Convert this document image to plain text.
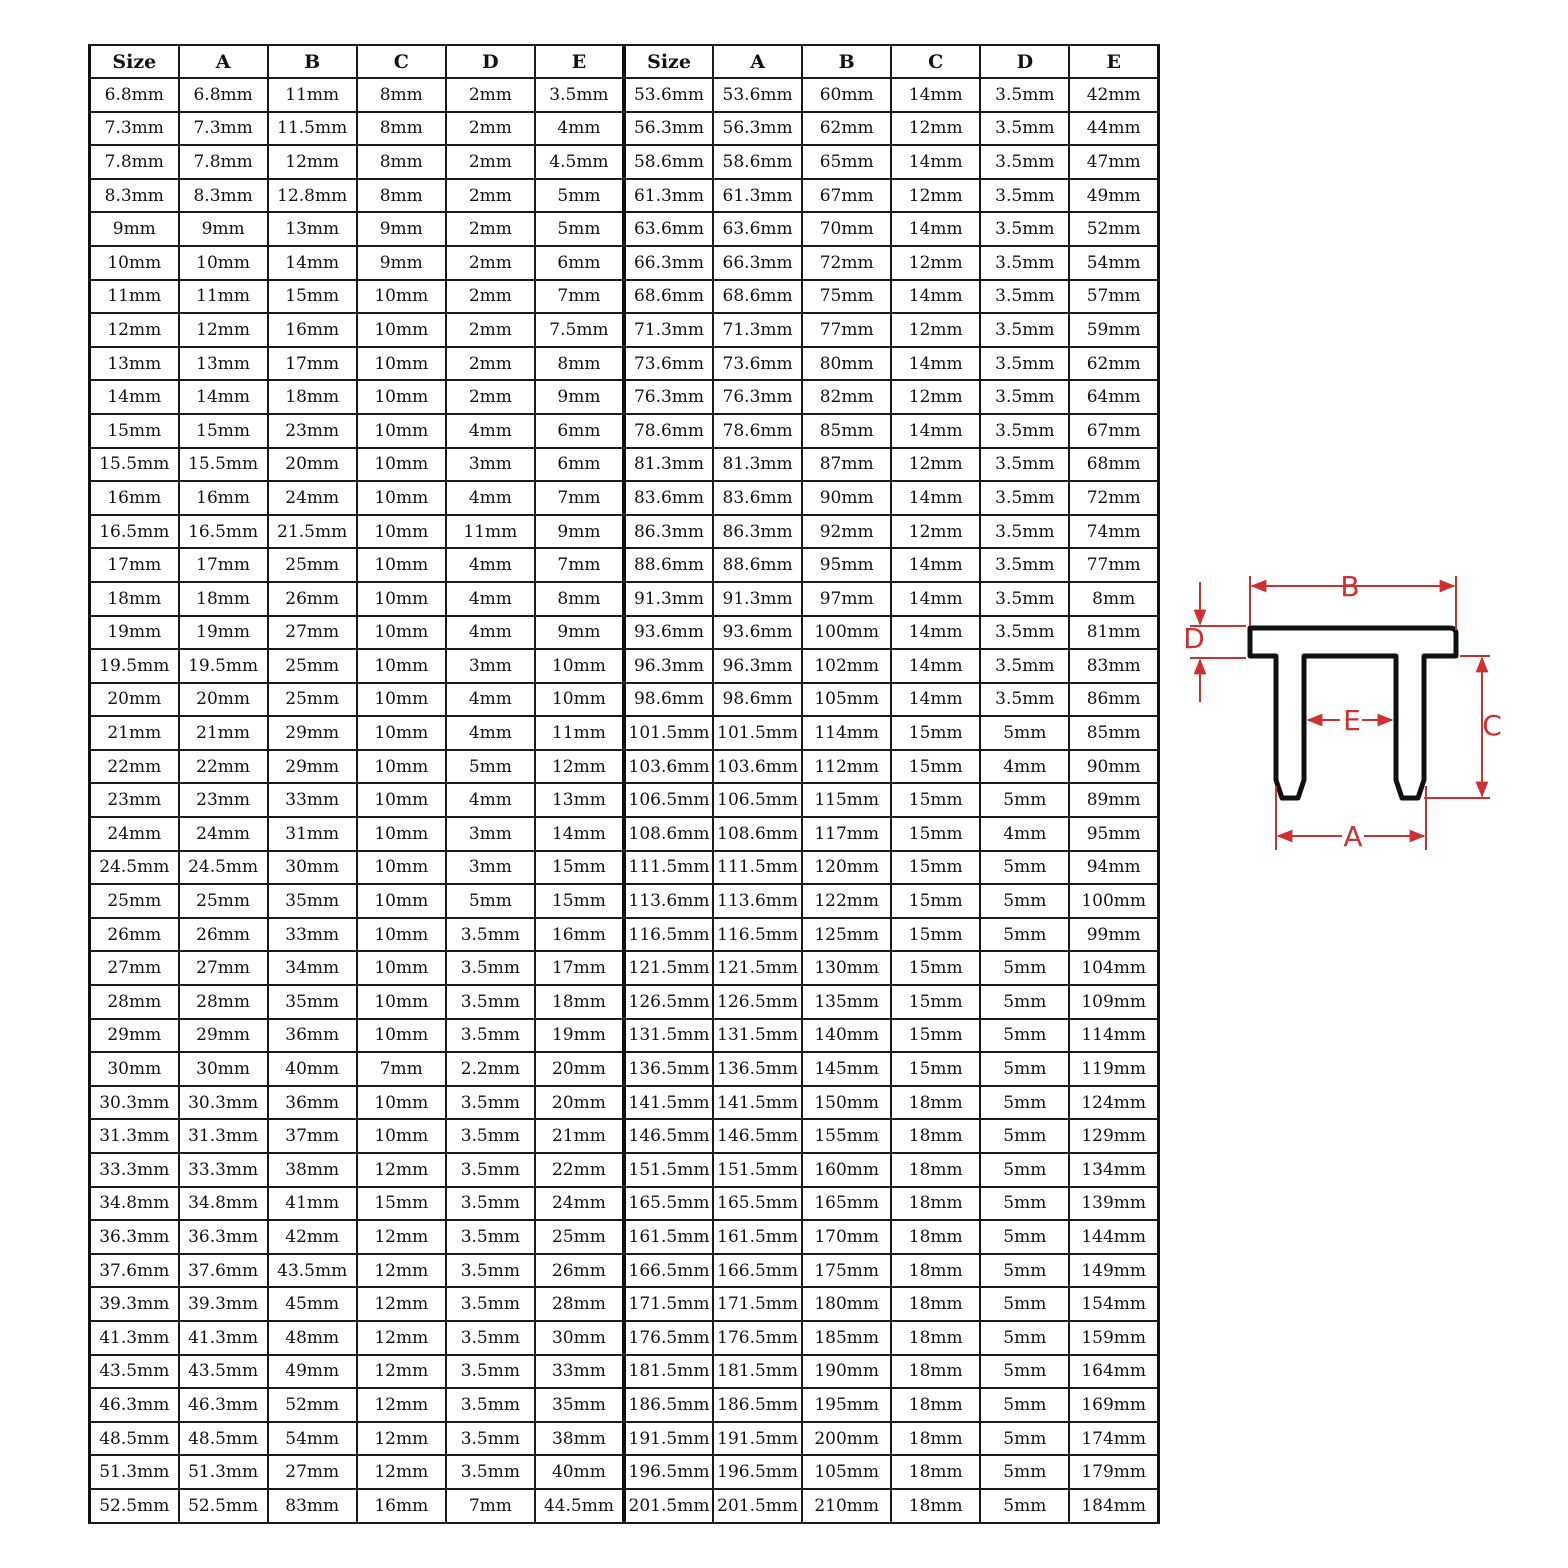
Size	A	B	C	D	E	Size	A	B	C	D	E
6.8mm	6.8mm	11mm	8mm	2mm	3.5mm	53.6mm	53.6mm	60mm	14mm	3.5mm	42mm
7.3mm	7.3mm	11.5mm	8mm	2mm	4mm	56.3mm	56.3mm	62mm	12mm	3.5mm	44mm
7.8mm	7.8mm	12mm	8mm	2mm	4.5mm	58.6mm	58.6mm	65mm	14mm	3.5mm	47mm
8.3mm	8.3mm	12.8mm	8mm	2mm	5mm	61.3mm	61.3mm	67mm	12mm	3.5mm	49mm
9mm	9mm	13mm	9mm	2mm	5mm	63.6mm	63.6mm	70mm	14mm	3.5mm	52mm
10mm	10mm	14mm	9mm	2mm	6mm	66.3mm	66.3mm	72mm	12mm	3.5mm	54mm
11mm	11mm	15mm	10mm	2mm	7mm	68.6mm	68.6mm	75mm	14mm	3.5mm	57mm
12mm	12mm	16mm	10mm	2mm	7.5mm	71.3mm	71.3mm	77mm	12mm	3.5mm	59mm
13mm	13mm	17mm	10mm	2mm	8mm	73.6mm	73.6mm	80mm	14mm	3.5mm	62mm
14mm	14mm	18mm	10mm	2mm	9mm	76.3mm	76.3mm	82mm	12mm	3.5mm	64mm
15mm	15mm	23mm	10mm	4mm	6mm	78.6mm	78.6mm	85mm	14mm	3.5mm	67mm
15.5mm	15.5mm	20mm	10mm	3mm	6mm	81.3mm	81.3mm	87mm	12mm	3.5mm	68mm
16mm	16mm	24mm	10mm	4mm	7mm	83.6mm	83.6mm	90mm	14mm	3.5mm	72mm
16.5mm	16.5mm	21.5mm	10mm	11mm	9mm	86.3mm	86.3mm	92mm	12mm	3.5mm	74mm
17mm	17mm	25mm	10mm	4mm	7mm	88.6mm	88.6mm	95mm	14mm	3.5mm	77mm
18mm	18mm	26mm	10mm	4mm	8mm	91.3mm	91.3mm	97mm	14mm	3.5mm	8mm
19mm	19mm	27mm	10mm	4mm	9mm	93.6mm	93.6mm	100mm	14mm	3.5mm	81mm
19.5mm	19.5mm	25mm	10mm	3mm	10mm	96.3mm	96.3mm	102mm	14mm	3.5mm	83mm
20mm	20mm	25mm	10mm	4mm	10mm	98.6mm	98.6mm	105mm	14mm	3.5mm	86mm
21mm	21mm	29mm	10mm	4mm	11mm	101.5mm	101.5mm	114mm	15mm	5mm	85mm
22mm	22mm	29mm	10mm	5mm	12mm	103.6mm	103.6mm	112mm	15mm	4mm	90mm
23mm	23mm	33mm	10mm	4mm	13mm	106.5mm	106.5mm	115mm	15mm	5mm	89mm
24mm	24mm	31mm	10mm	3mm	14mm	108.6mm	108.6mm	117mm	15mm	4mm	95mm
24.5mm	24.5mm	30mm	10mm	3mm	15mm	111.5mm	111.5mm	120mm	15mm	5mm	94mm
25mm	25mm	35mm	10mm	5mm	15mm	113.6mm	113.6mm	122mm	15mm	5mm	100mm
26mm	26mm	33mm	10mm	3.5mm	16mm	116.5mm	116.5mm	125mm	15mm	5mm	99mm
27mm	27mm	34mm	10mm	3.5mm	17mm	121.5mm	121.5mm	130mm	15mm	5mm	104mm
28mm	28mm	35mm	10mm	3.5mm	18mm	126.5mm	126.5mm	135mm	15mm	5mm	109mm
29mm	29mm	36mm	10mm	3.5mm	19mm	131.5mm	131.5mm	140mm	15mm	5mm	114mm
30mm	30mm	40mm	7mm	2.2mm	20mm	136.5mm	136.5mm	145mm	15mm	5mm	119mm
30.3mm	30.3mm	36mm	10mm	3.5mm	20mm	141.5mm	141.5mm	150mm	18mm	5mm	124mm
31.3mm	31.3mm	37mm	10mm	3.5mm	21mm	146.5mm	146.5mm	155mm	18mm	5mm	129mm
33.3mm	33.3mm	38mm	12mm	3.5mm	22mm	151.5mm	151.5mm	160mm	18mm	5mm	134mm
34.8mm	34.8mm	41mm	15mm	3.5mm	24mm	165.5mm	165.5mm	165mm	18mm	5mm	139mm
36.3mm	36.3mm	42mm	12mm	3.5mm	25mm	161.5mm	161.5mm	170mm	18mm	5mm	144mm
37.6mm	37.6mm	43.5mm	12mm	3.5mm	26mm	166.5mm	166.5mm	175mm	18mm	5mm	149mm
39.3mm	39.3mm	45mm	12mm	3.5mm	28mm	171.5mm	171.5mm	180mm	18mm	5mm	154mm
41.3mm	41.3mm	48mm	12mm	3.5mm	30mm	176.5mm	176.5mm	185mm	18mm	5mm	159mm
43.5mm	43.5mm	49mm	12mm	3.5mm	33mm	181.5mm	181.5mm	190mm	18mm	5mm	164mm
46.3mm	46.3mm	52mm	12mm	3.5mm	35mm	186.5mm	186.5mm	195mm	18mm	5mm	169mm
48.5mm	48.5mm	54mm	12mm	3.5mm	38mm	191.5mm	191.5mm	200mm	18mm	5mm	174mm
51.3mm	51.3mm	27mm	12mm	3.5mm	40mm	196.5mm	196.5mm	105mm	18mm	5mm	179mm
52.5mm	52.5mm	83mm	16mm	7mm	44.5mm	201.5mm	201.5mm	210mm	18mm	5mm	184mm
B
D
C
E
A
